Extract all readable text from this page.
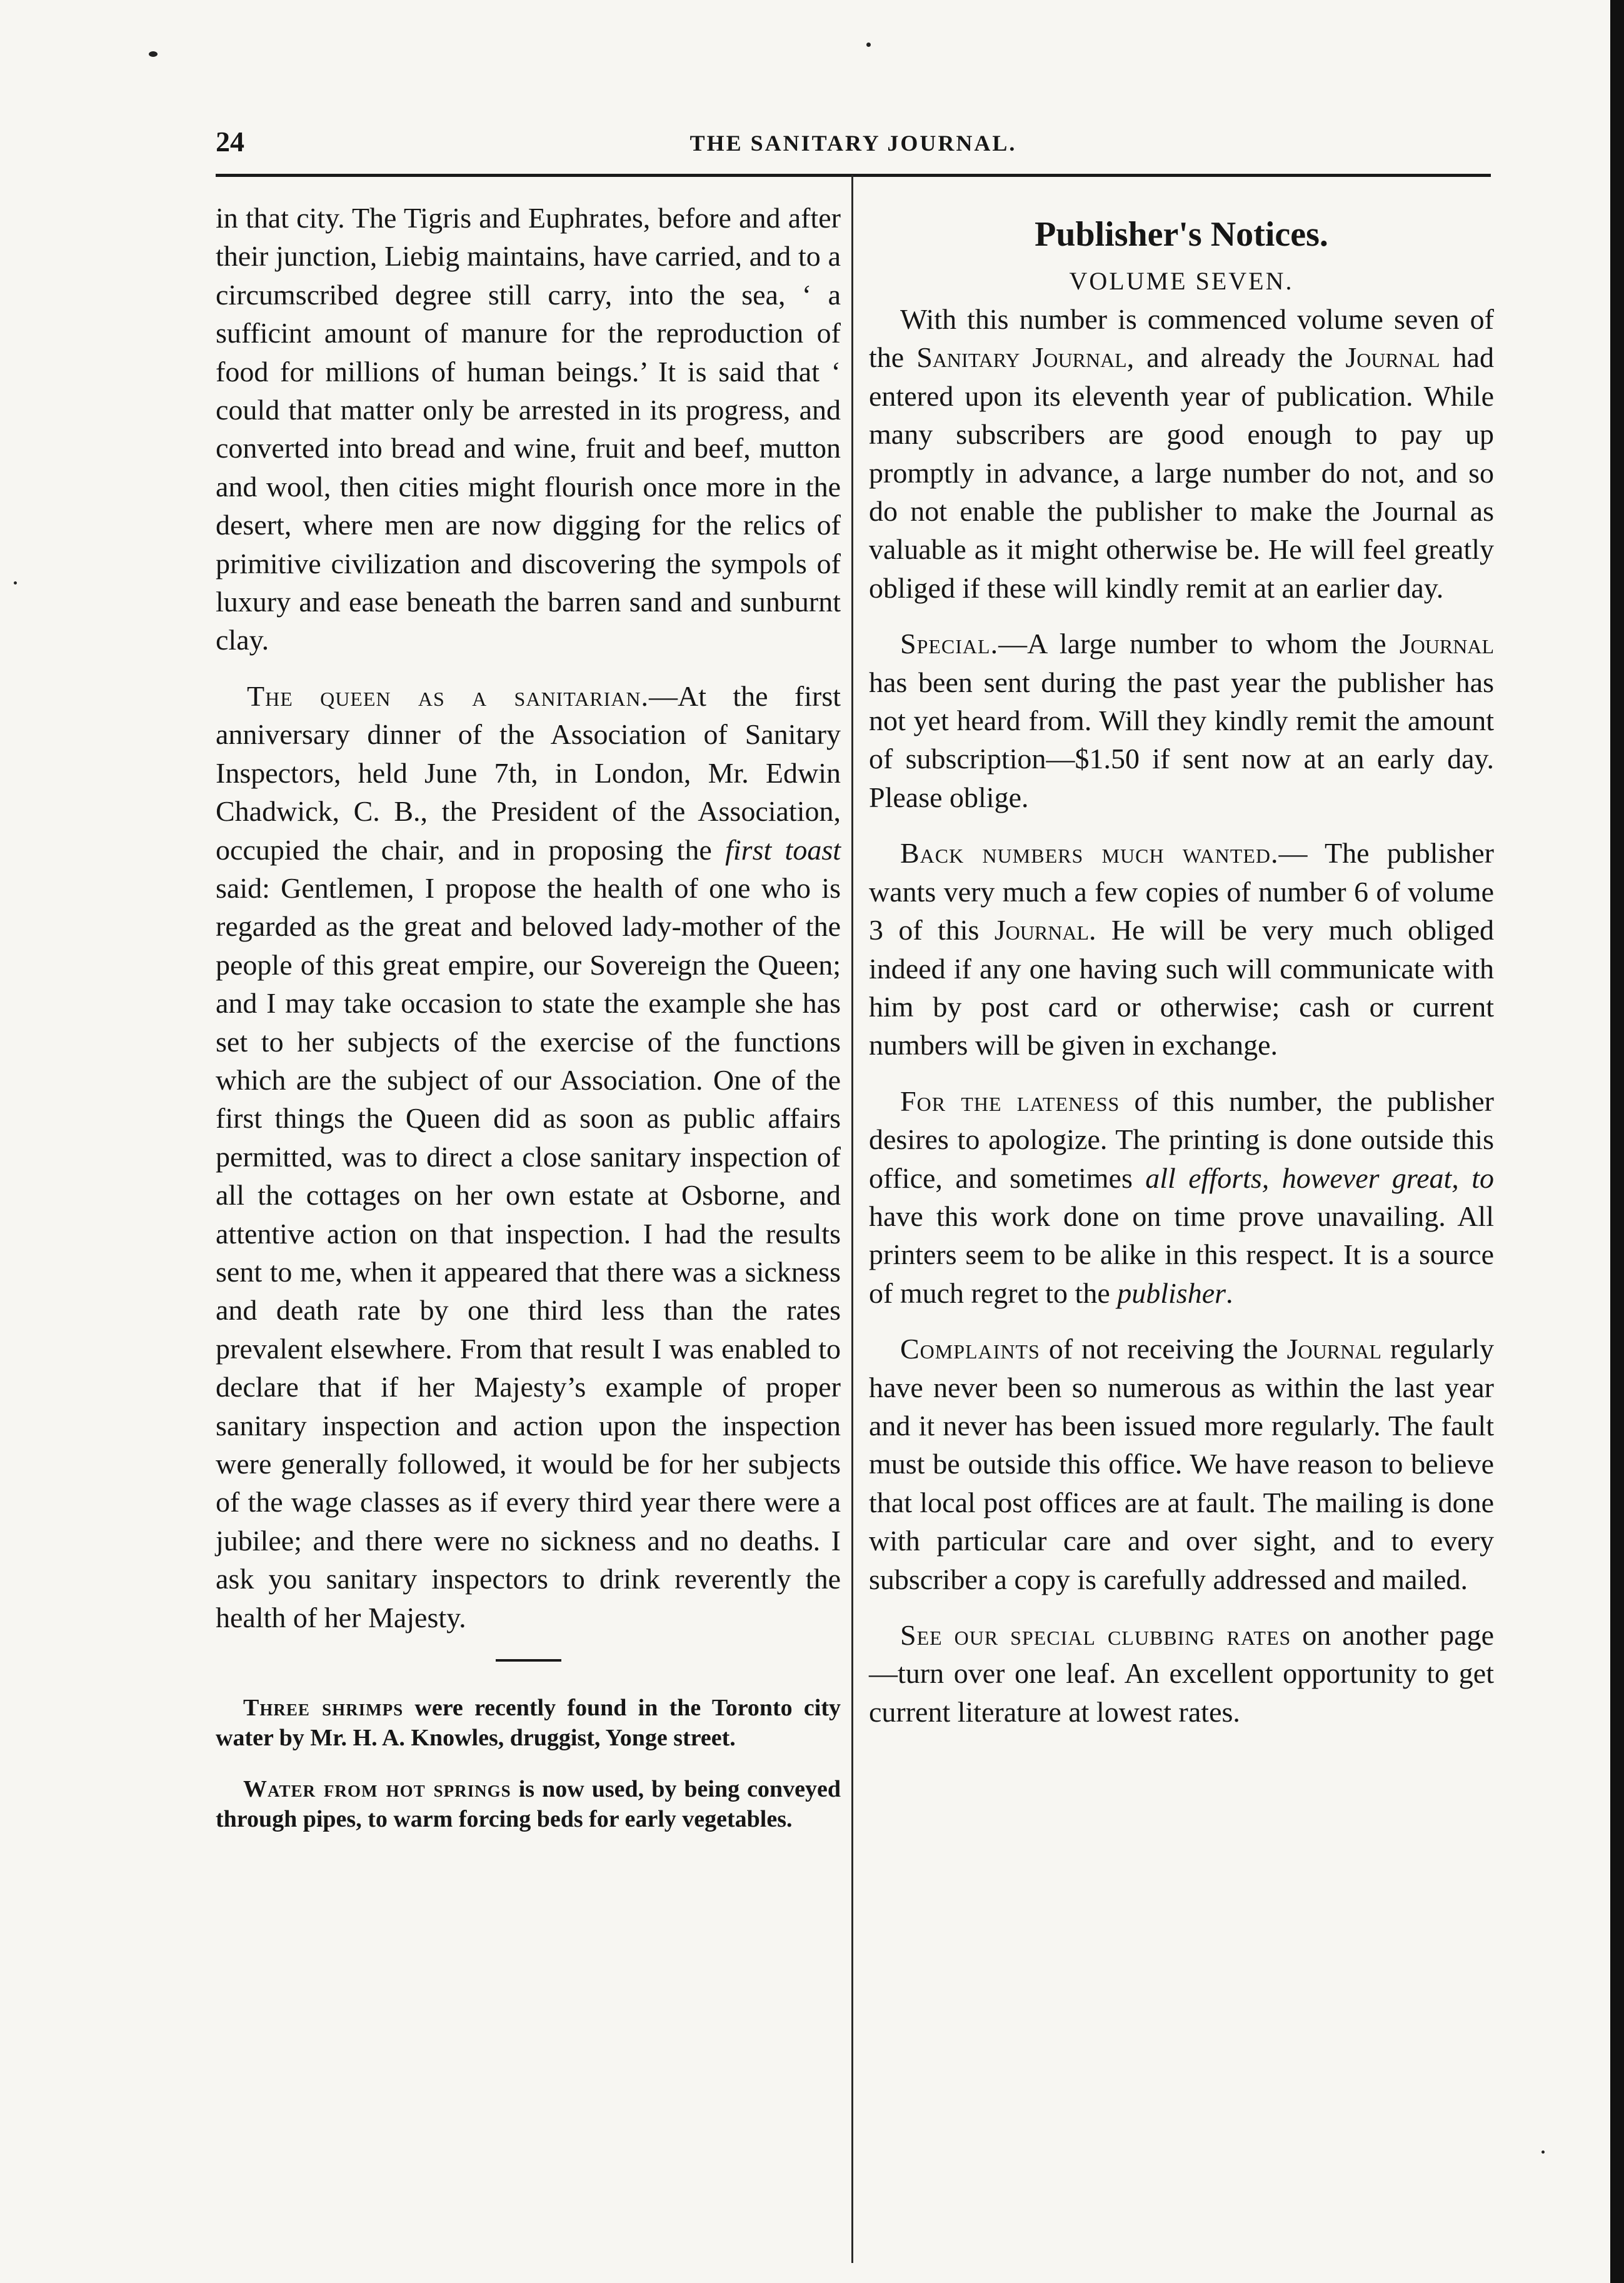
24	THE SANITARY JOURNAL.

in that city. The Tigris and Euphrates, before and after their junction, Liebig maintains, have carried, and to a circumscribed degree still carry, into the sea, ‘ a sufficint amount of manure for the reproduction of food for millions of human beings.’ It is said that ‘ could that matter only be arrested in its progress, and converted into bread and wine, fruit and beef, mutton and wool, then cities might flourish once more in the desert, where men are now digging for the relics of primitive civilization and discovering the sympols of luxury and ease beneath the barren sand and sunburnt clay.

The queen as a sanitarian.—At the first anniversary dinner of the Association of Sanitary Inspectors, held June 7th, in London, Mr. Edwin Chadwick, C. B., the President of the Association, occupied the chair, and in proposing the first toast said: Gentlemen, I propose the health of one who is regarded as the great and beloved lady-mother of the people of this great empire, our Sovereign the Queen; and I may take occasion to state the example she has set to her subjects of the exercise of the functions which are the subject of our Association. One of the first things the Queen did as soon as public affairs permitted, was to direct a close sanitary inspection of all the cottages on her own estate at Osborne, and attentive action on that inspection. I had the results sent to me, when it appeared that there was a sickness and death rate by one third less than the rates prevalent elsewhere. From that result I was enabled to declare that if her Majesty’s example of proper sanitary inspection and action upon the inspection were generally followed, it would be for her subjects of the wage classes as if every third year there were a jubilee; and there were no sickness and no deaths. I ask you sanitary inspectors to drink reverently the health of her Majesty.

Three shrimps were recently found in the Toronto city water by Mr. H. A. Knowles, druggist, Yonge street.

Water from hot springs is now used, by being conveyed through pipes, to warm forcing beds for early vegetables.

Publisher's Notices.
VOLUME SEVEN.

With this number is commenced volume seven of the Sanitary Journal, and already the Journal had entered upon its eleventh year of publication. While many subscribers are good enough to pay up promptly in advance, a large number do not, and so do not enable the publisher to make the Journal as valuable as it might otherwise be. He will feel greatly obliged if these will kindly remit at an earlier day.

Special.—A large number to whom the Journal has been sent during the past year the publisher has not yet heard from. Will they kindly remit the amount of subscription—$1.50 if sent now at an early day. Please oblige.

Back numbers much wanted.— The publisher wants very much a few copies of number 6 of volume 3 of this Journal. He will be very much obliged indeed if any one having such will communicate with him by post card or otherwise; cash or current numbers will be given in exchange.

For the lateness of this number, the publisher desires to apologize. The printing is done outside this office, and sometimes all efforts, however great, to have this work done on time prove unavailing. All printers seem to be alike in this respect. It is a source of much regret to the publisher.

Complaints of not receiving the Journal regularly have never been so numerous as within the last year and it never has been issued more regularly. The fault must be outside this office. We have reason to believe that local post offices are at fault. The mailing is done with particular care and over sight, and to every subscriber a copy is carefully addressed and mailed.

See our special clubbing rates on another page—turn over one leaf. An excellent opportunity to get current literature at lowest rates.
